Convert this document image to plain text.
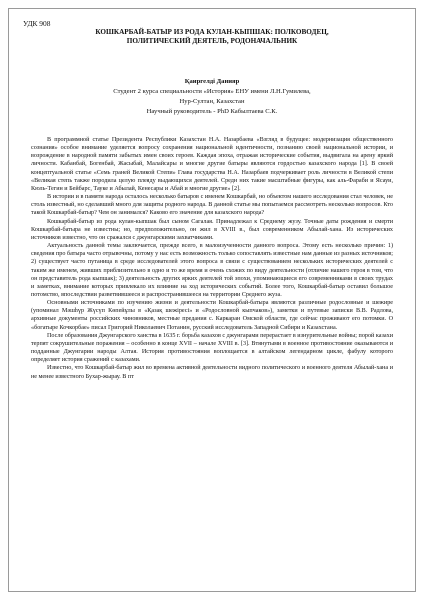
УДК 908
КОШКАРБАЙ-БАТЫР ИЗ РОДА КУЛАН-КЫПШАК: ПОЛКОВОДЕЦ,
ПОЛИТИЧЕСКИЙ ДЕЯТЕЛЬ, РОДОНАЧАЛЬНИК
Қаиргелді Данияр
Студент 2 курса специальности «История» ЕНУ имени Л.Н.Гумилева,
Нур-Султан, Казахстан
Научный руководитель - PhD Кабылтаева С.К.

В программной статье Президента Республики Казахстан Н.А. Назарбаева «Взгляд в будущее: модернизация общественного сознания» особое внимание уделяется вопросу сохранения национальной идентичности, познанию своей национальной истории, и возрождение в народной памяти забытых имен своих героев. Каждая эпоха, отражая исторические события, выдвигала на арену яркий личности. Кабанбай, Богенбай, Жасыбай, Малайсары и многие другие батыры являются гордостью казахского народа [1]. В своей концептуальной статье «Семь граней Великой Степи» Глава государства Н.А. Назарбаев подчеркивает роль личности в Великой степи «Великая степь также породила целую плеяду выдающихся деятелей. Средн них такие масштабные фигуры, как аль-Фараби и Ясауи, Кюль-Тегин и Бейбарс, Тауке и Абылай, Кенесары и Абай и многие другие» [2].

В истории и в памяти народа осталось несколько батыров с именем Кошкарбай, но объектом нашего исследования стал человек, не столь известный, но сделавший много для защиты родного народа. В данной статье мы попытаемся рассмотреть несколько вопросов. Кто такой Кошкарбай-батыр? Чем он занимался? Каково его значение для казахского народа?

Кошкарбай-батыр из рода кулан-кыпшак был сыном Сагалая. Принадлежал к Среднему жузу. Точные даты рождения и смерти Кошкарбай-батыра не известны; но, предположительно, он жил в XVIII в., был современником Абылай-хана. Из исторических источников известно, что он сражался с джунгарскими захватчиками.

Актуальность данной темы заключается, прежде всего, в малоизученности данного вопроса. Этому есть несколько причин: 1) сведения про батыра часто отрывочны, потому у нас есть возможность только сопоставлять известные нам данные из разных источников; 2) существует часто путаница в среде исследователей этого вопроса в связи с существованием нескольких исторических деятелей с таким же именем, живших приблизительно в одно и то же время и очень схожих по виду деятельности (отличие нашего героя в том, что он представитель рода кыпшак); 3) деятельность других ярких деятелей той эпохи, упоминающиеся его современниками в своих трудах и заметках, внимание которых привлекало их влияние на ход исторических событий. Более того, Кошкарбай-батыр оставил большое потомство, впоследствии разветвившееся и распространившееся на территории Среднего жуза.

Основными источниками по изучению жизни и деятельности Кошкарбай-батыра являются различные родословные и шежире (упоминал Мәшһүр Жүсүп Көпейұлы в «Қазақ шежіресі» и «Родословной кыпчаков»), заметки и путевые записки В.В. Радлова, архивные документы российских чиновников, местные предания с. Каркаран Омской области, где сейчас проживают его потомки. О «богатыре Кочкорбае» писал Григорий Николаевич Потанин, русский исследователь Западной Сибири и Казахстана.

После образования Джунгарского ханства в 1635 г. борьба казахов с джунгарами перерастает в изнурительные войны; порой казахи терпят сокрушительные поражения – особенно в конце XVII – начале XVIII в. [3]. Втянутыми в военное противостояние оказываются и подданные Джунгарии народы Алтая. История противостояния воплощается в алтайском легендарном цикле, фабулу которого определяет история сражений с казахами.

Известно, что Кошкарбай-батыр жил во времена активной деятельности видного политического и военного деятеля Абылай-хана и не менее известного Бухар-жырау. В пт
